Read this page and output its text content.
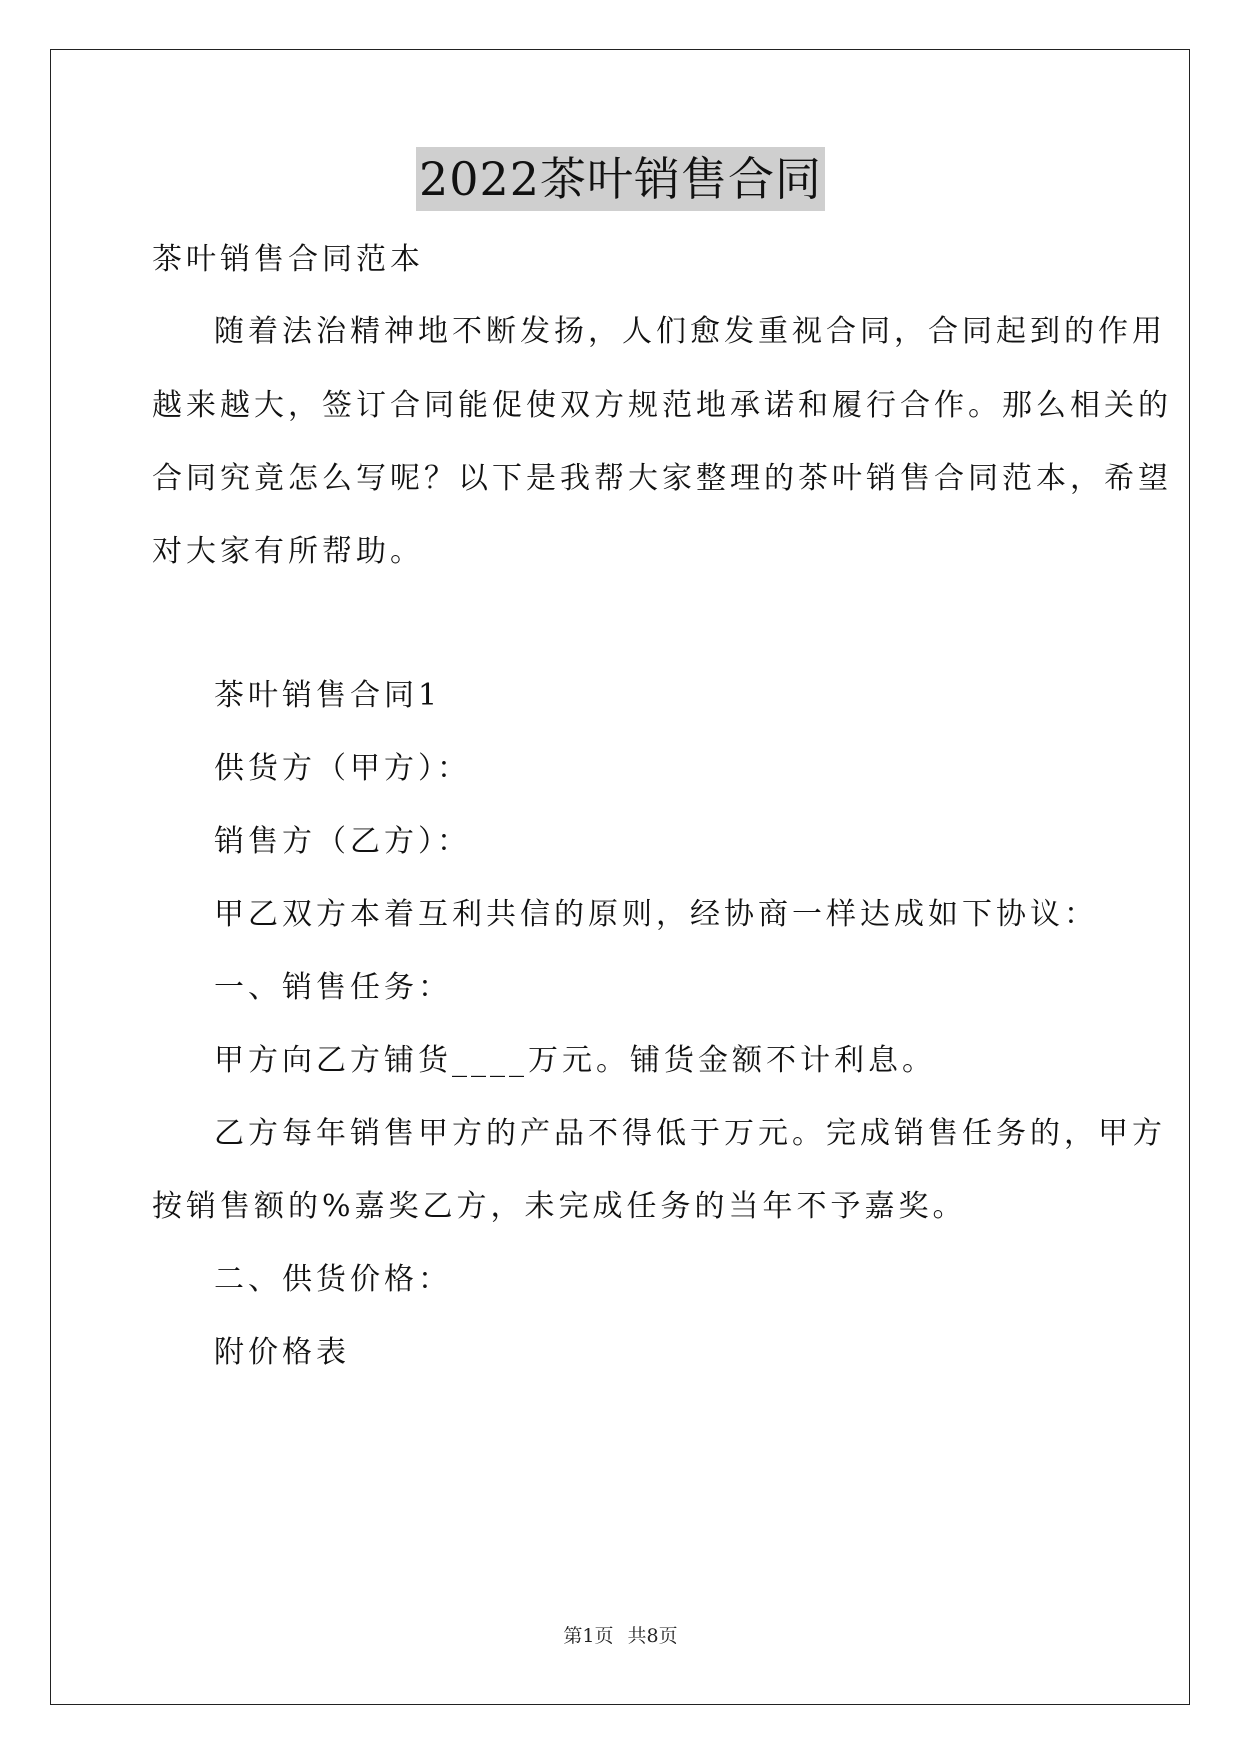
2022茶叶销售合同
茶叶销售合同范本
随着法治精神地不断发扬，人们愈发重视合同，合同起到的作用
越来越大，签订合同能促使双方规范地承诺和履行合作。那么相关的
合同究竟怎么写呢？以下是我帮大家整理的茶叶销售合同范本，希望
对大家有所帮助。
茶叶销售合同1
供货方（甲方）：
销售方（乙方）：
甲乙双方本着互利共信的原则，经协商一样达成如下协议：
一、销售任务：
甲方向乙方铺货____万元。铺货金额不计利息。
乙方每年销售甲方的产品不得低于万元。完成销售任务的，甲方
按销售额的%嘉奖乙方，未完成任务的当年不予嘉奖。
二、供货价格：
附价格表
第1页 共8页
